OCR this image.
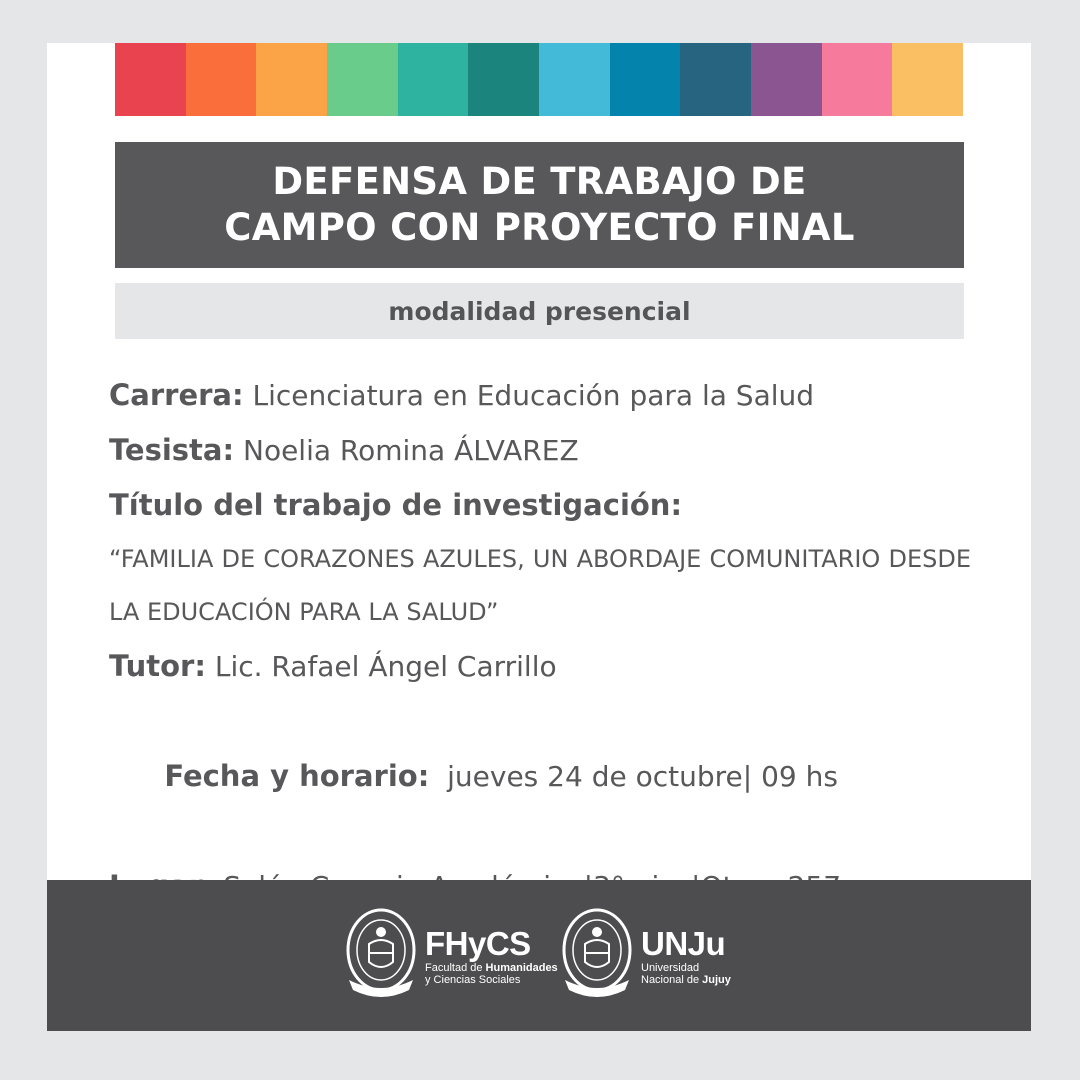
DEFENSA DE TRABAJO DE
CAMPO CON PROYECTO FINAL
modalidad presencial
Carrera: Licenciatura en Educación para la Salud
Tesista: Noelia Romina ÁLVAREZ
Título del trabajo de investigación:
“FAMILIA DE CORAZONES AZULES, UN ABORDAJE COMUNITARIO DESDE LA EDUCACIÓN PARA LA SALUD”
Tutor: Lic. Rafael Ángel Carrillo

Fecha y horario:  jueves 24 de octubre| 09 hs

FHyCS
Facultad de Humanidades
y Ciencias Sociales
UNJu
Universidad
Nacional de Jujuy
